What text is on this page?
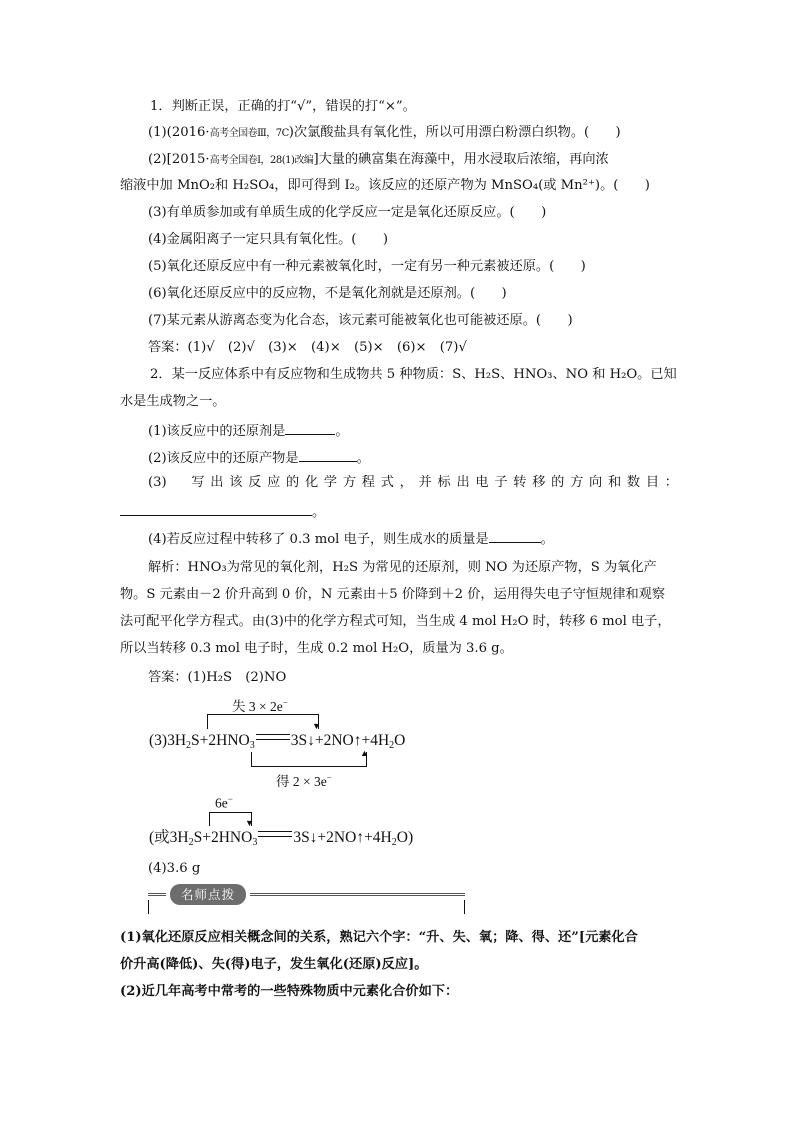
1．判断正误，正确的打“√”，错误的打“×”。
(1)(2016·高考全国卷Ⅲ，7C)次氯酸盐具有氧化性，所以可用漂白粉漂白织物。(　　)
(2)[2015·高考全国卷Ⅰ，28(1)改编]大量的碘富集在海藻中，用水浸取后浓缩，再向浓
缩液中加 MnO₂和 H₂SO₄，即可得到 I₂。该反应的还原产物为 MnSO₄(或 Mn²⁺)。(　　)
(3)有单质参加或有单质生成的化学反应一定是氧化还原反应。(　　)
(4)金属阳离子一定只具有氧化性。(　　)
(5)氧化还原反应中有一种元素被氧化时，一定有另一种元素被还原。(　　)
(6)氧化还原反应中的反应物，不是氧化剂就是还原剂。(　　)
(7)某元素从游离态变为化合态，该元素可能被氧化也可能被还原。(　　)
答案：(1)√　(2)√　(3)×　(4)×　(5)×　(6)×　(7)√
2．某一反应体系中有反应物和生成物共 5 种物质：S、H₂S、HNO₃、NO 和 H₂O。已知
水是生成物之一。
(1)该反应中的还原剂是	。
(2)该反应中的还原产物是	。
(3)　写出该反应的化学方程式，并标出电子转移的方向和数目：
。
(4)若反应过程中转移了 0.3 mol 电子，则生成水的质量是	。
解析：HNO₃为常见的氧化剂，H₂S 为常见的还原剂，则 NO 为还原产物，S 为氧化产
物。S 元素由－2 价升高到 0 价，N 元素由＋5 价降到＋2 价，运用得失电子守恒规律和观察
法可配平化学方程式。由(3)中的化学方程式可知，当生成 4 mol H₂O 时，转移 6 mol 电子，
所以当转移 0.3 mol 电子时，生成 0.2 mol H₂O，质量为 3.6 g。
答案：(1)H₂S　(2)NO
失 3 × 2e−
▼
$(3)3H_2S+2HNO_3$ $3S↓+2NO↑+4H_2O$
▲
得 2 × 3e−
6e−
▼
(或$3H_2S+2HNO_3$ $3S↓+2NO↑+4H_2O$)
(4)3.6 g
名师点拨
(1)氧化还原反应相关概念间的关系，熟记六个字：“升、失、氧；降、得、还”[元素化合
价升高(降低)、失(得)电子，发生氧化(还原)反应]。
(2)近几年高考中常考的一些特殊物质中元素化合价如下：
